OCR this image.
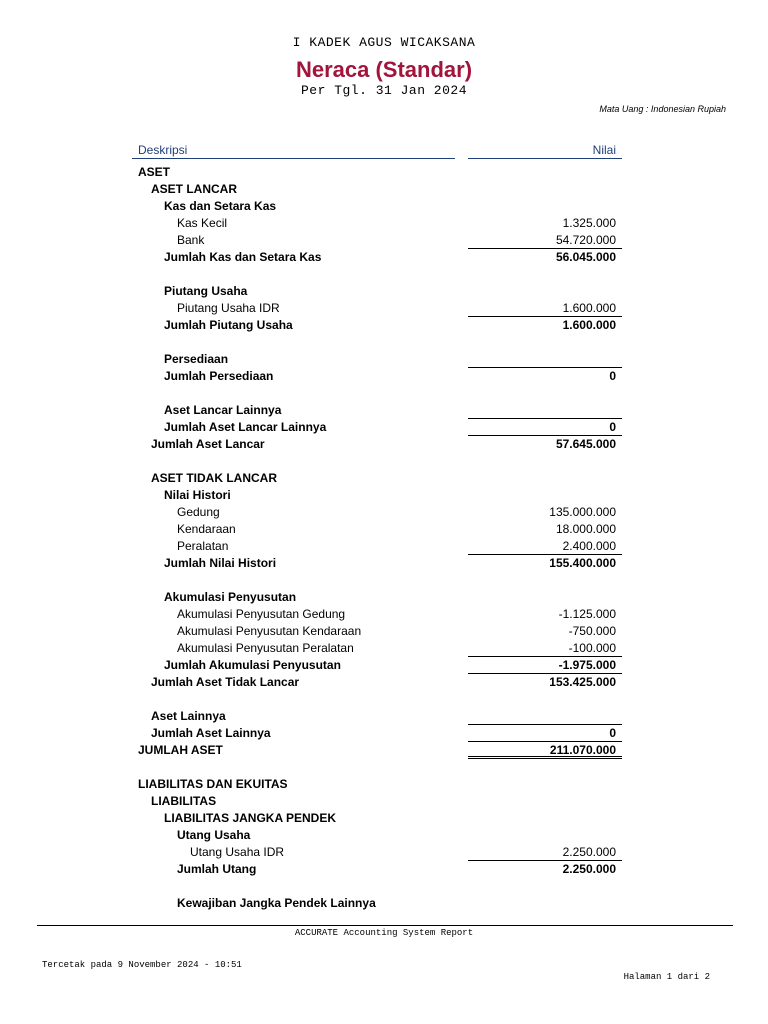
I KADEK AGUS WICAKSANA
Neraca (Standar)
Per Tgl. 31 Jan 2024
Mata Uang : Indonesian Rupiah
Deskripsi	Nilai
ASET
ASET LANCAR
Kas dan Setara Kas
Kas Kecil	1.325.000
Bank	54.720.000
Jumlah Kas dan Setara Kas	56.045.000
Piutang Usaha
Piutang Usaha IDR	1.600.000
Jumlah Piutang Usaha	1.600.000
Persediaan
Jumlah Persediaan	0
Aset Lancar Lainnya
Jumlah Aset Lancar Lainnya	0
Jumlah Aset Lancar	57.645.000
ASET TIDAK LANCAR
Nilai Histori
Gedung	135.000.000
Kendaraan	18.000.000
Peralatan	2.400.000
Jumlah Nilai Histori	155.400.000
Akumulasi Penyusutan
Akumulasi Penyusutan Gedung	-1.125.000
Akumulasi Penyusutan Kendaraan	-750.000
Akumulasi Penyusutan Peralatan	-100.000
Jumlah Akumulasi Penyusutan	-1.975.000
Jumlah Aset Tidak Lancar	153.425.000
Aset Lainnya
Jumlah Aset Lainnya	0
JUMLAH ASET	211.070.000
LIABILITAS DAN EKUITAS
LIABILITAS
LIABILITAS JANGKA PENDEK
Utang Usaha
Utang Usaha IDR	2.250.000
Jumlah Utang	2.250.000
Kewajiban Jangka Pendek Lainnya
ACCURATE Accounting System Report
Tercetak pada 9 November 2024 - 10:51
Halaman 1 dari 2
